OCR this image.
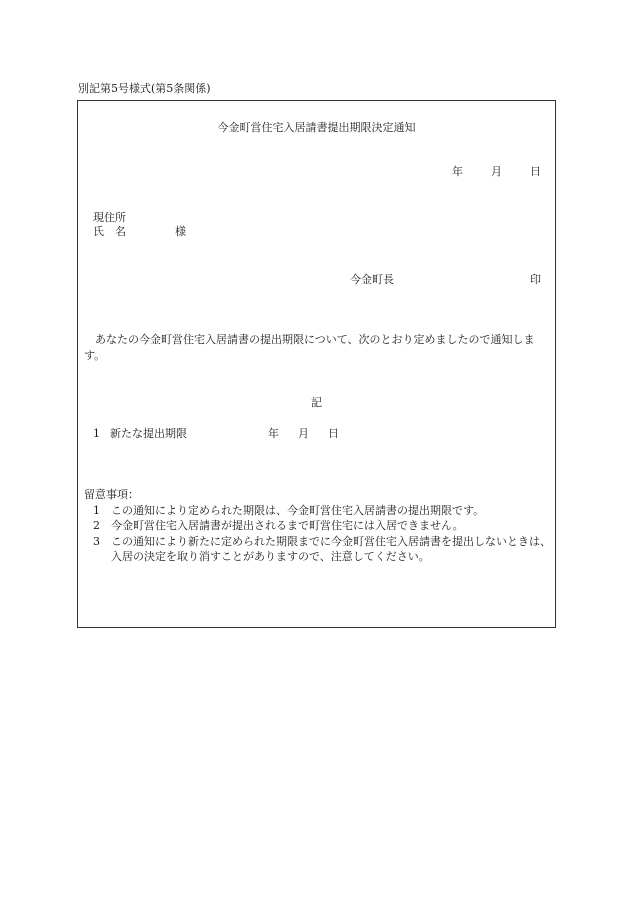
別記第5号様式(第5条関係)
今金町営住宅入居請書提出期限決定通知
年	月	日
現住所
氏 名	様
今金町長	印
あなたの今金町営住宅入居請書の提出期限について、次のとおり定めましたので通知します。
記
1 新たな提出期限	年 月 日
留意事項：
1 この通知により定められた期限は、今金町営住宅入居請書の提出期限です。
2 今金町営住宅入居請書が提出されるまで町営住宅には入居できません。
3 この通知により新たに定められた期限までに今金町営住宅入居請書を提出しないときは、入居の決定を取り消すことがありますので、注意してください。
